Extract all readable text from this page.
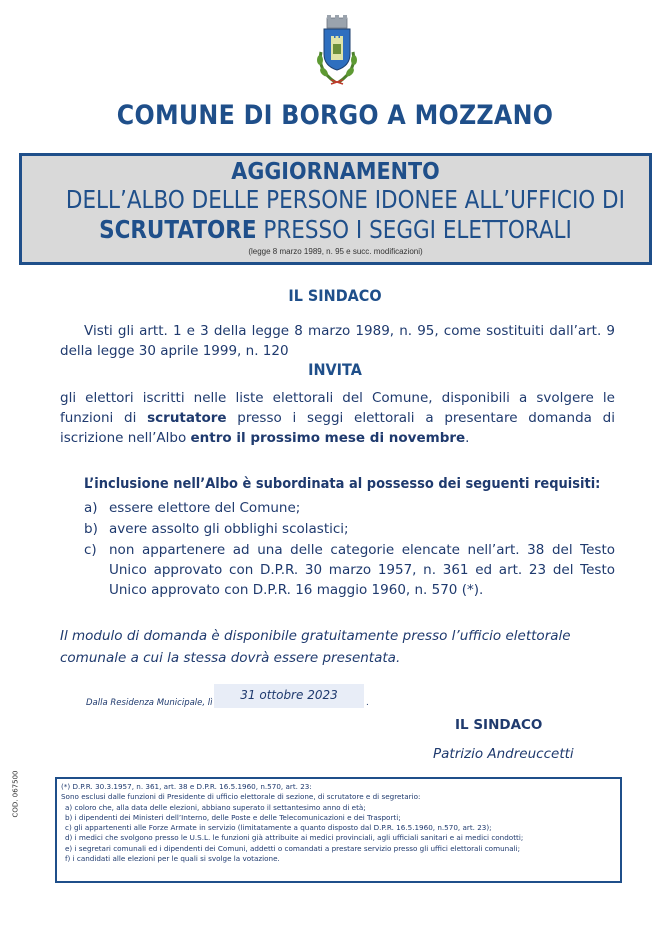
COMUNE DI BORGO A MOZZANO
AGGIORNAMENTO
DELL’ALBO DELLE PERSONE IDONEE ALL’UFFICIO DI
SCRUTATORE PRESSO I SEGGI ELETTORALI
(legge 8 marzo 1989, n. 95 e succ. modificazioni)
IL SINDACO
Visti gli artt. 1 e 3 della legge 8 marzo 1989, n. 95, come sostituiti dall’art. 9 della legge 30 aprile 1999, n. 120
INVITA
gli elettori iscritti nelle liste elettorali del Comune, disponibili a svolgere le funzioni di scrutatore presso i seggi elettorali a presentare domanda di iscrizione nell’Albo entro il prossimo mese di novembre.
L’inclusione nell’Albo è subordinata al possesso dei seguenti requisiti:
a) essere elettore del Comune;
b) avere assolto gli obblighi scolastici;
c) non appartenere ad una delle categorie elencate nell’art. 38 del Testo Unico approvato con D.P.R. 30 marzo 1957, n. 361 ed art. 23 del Testo Unico approvato con D.P.R. 16 maggio 1960, n. 570 (*).
Il modulo di domanda è disponibile gratuitamente presso l’ufficio elettorale comunale a cui la stessa dovrà essere presentata.
Dalla Residenza Municipale, lì
31 ottobre 2023
.
IL SINDACO
Patrizio Andreuccetti
(*) D.P.R. 30.3.1957, n. 361, art. 38 e D.P.R. 16.5.1960, n.570, art. 23:
Sono esclusi dalle funzioni di Presidente di ufficio elettorale di sezione, di scrutatore e di segretario:
a) coloro che, alla data delle elezioni, abbiano superato il settantesimo anno di età;
b) i dipendenti dei Ministeri dell’Interno, delle Poste e delle Telecomunicazioni e dei Trasporti;
c) gli appartenenti alle Forze Armate in servizio (limitatamente a quanto disposto dal D.P.R. 16.5.1960, n.570, art. 23);
d) i medici che svolgono presso le U.S.L. le funzioni già attribuite ai medici provinciali, agli ufficiali sanitari e ai medici condotti;
e) i segretari comunali ed i dipendenti dei Comuni, addetti o comandati a prestare servizio presso gli uffici elettorali comunali;
f) i candidati alle elezioni per le quali si svolge la votazione.
COD. 067500
